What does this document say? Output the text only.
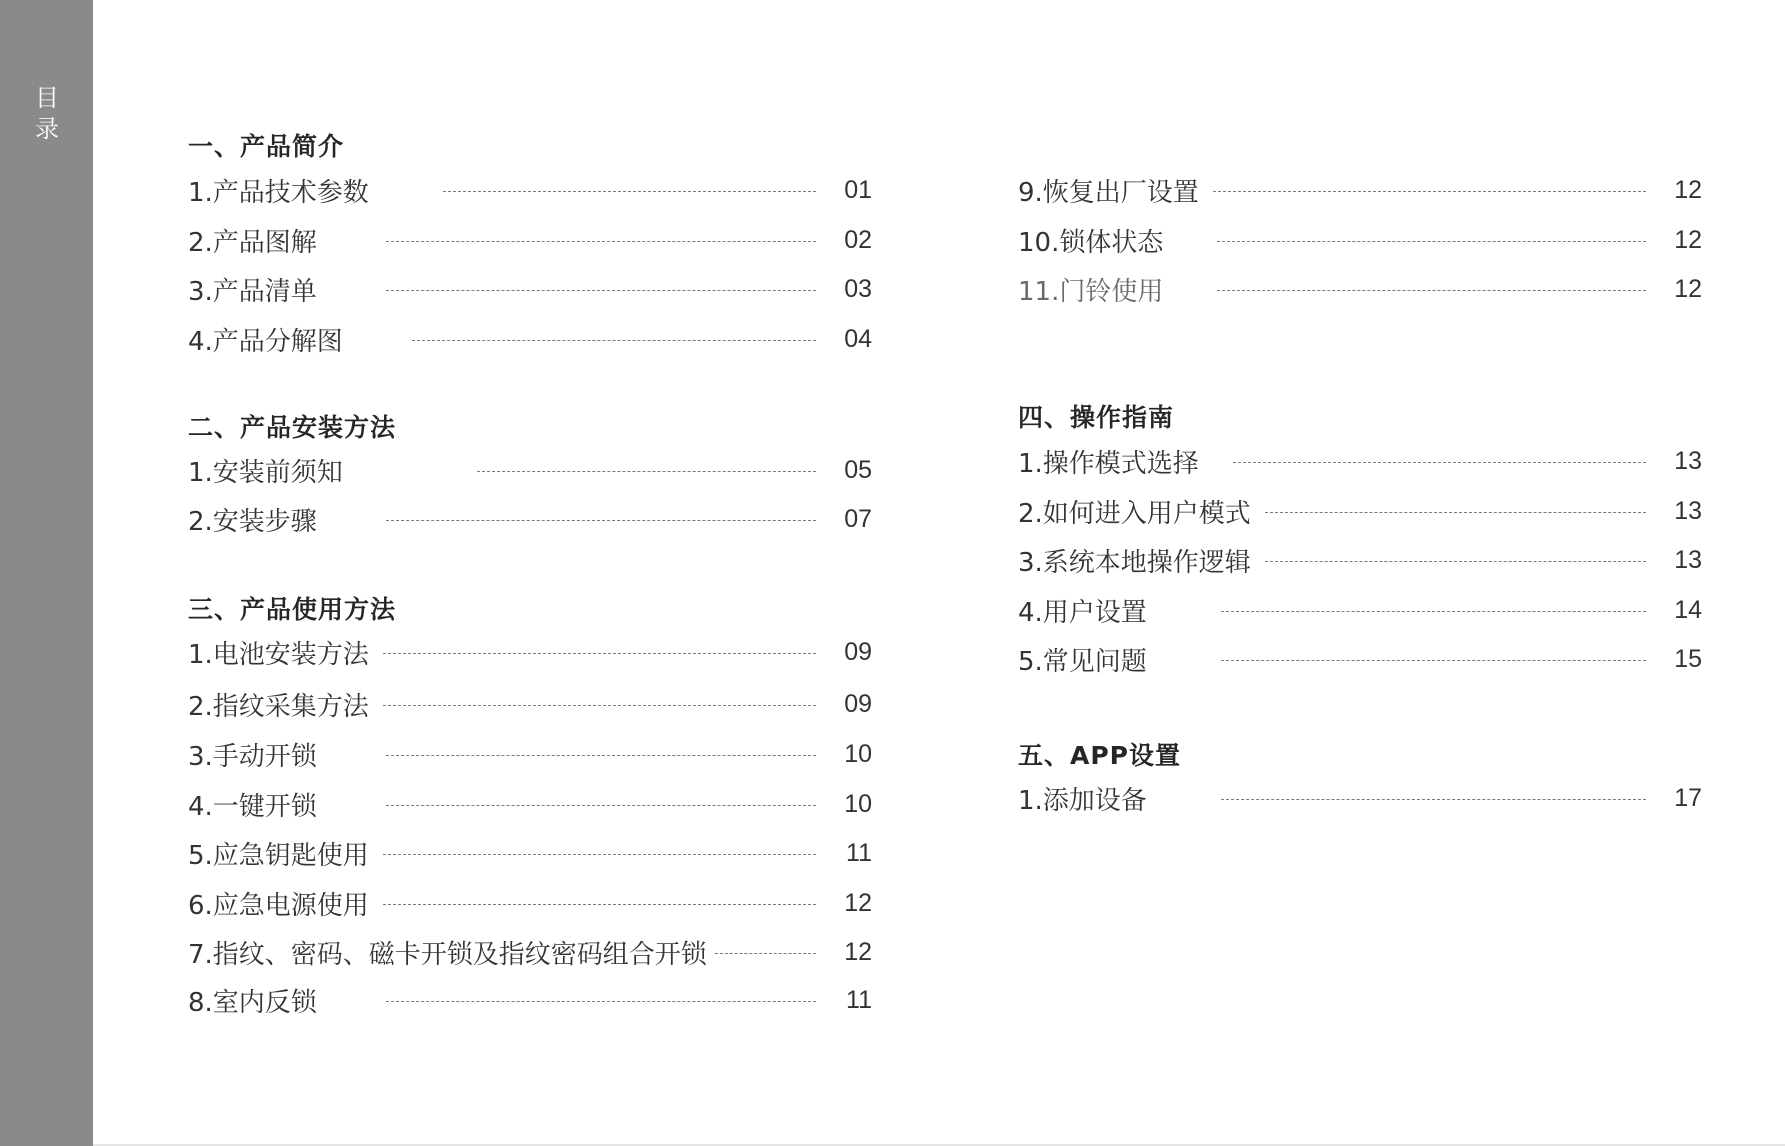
目
录
一、产品简介
1.产品技术参数	01
2.产品图解	02
3.产品清单	03
4.产品分解图	04
二、产品安装方法
1.安装前须知	05
2.安装步骤	07
三、产品使用方法
1.电池安装方法	09
2.指纹采集方法	09
3.手动开锁	10
4.一键开锁	10
5.应急钥匙使用	11
6.应急电源使用	12
7.指纹、密码、磁卡开锁及指纹密码组合开锁	12
8.室内反锁	11
9.恢复出厂设置	12
10.锁体状态	12
11.门铃使用	12
四、操作指南
1.操作模式选择	13
2.如何进入用户模式	13
3.系统本地操作逻辑	13
4.用户设置	14
5.常见问题	15
五、APP设置
1.添加设备	17
